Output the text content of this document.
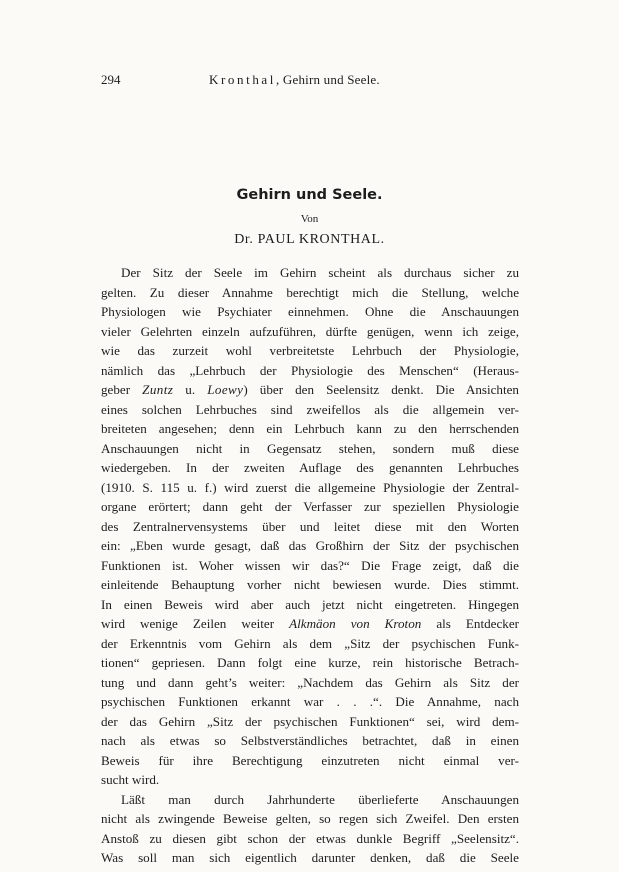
294	Kronthal, Gehirn und Seele.
Gehirn und Seele.
Von
Dr. PAUL KRONTHAL.
Der Sitz der Seele im Gehirn scheint als durchaus sicher zu
gelten. Zu dieser Annahme berechtigt mich die Stellung, welche
Physiologen wie Psychiater einnehmen. Ohne die Anschauungen
vieler Gelehrten einzeln aufzuführen, dürfte genügen, wenn ich zeige,
wie das zurzeit wohl verbreitetste Lehrbuch der Physiologie,
nämlich das „Lehrbuch der Physiologie des Menschen“ (Heraus-
geber Zuntz u. Loewy) über den Seelensitz denkt. Die Ansichten
eines solchen Lehrbuches sind zweifellos als die allgemein ver-
breiteten angesehen; denn ein Lehrbuch kann zu den herrschenden
Anschauungen nicht in Gegensatz stehen, sondern muß diese
wiedergeben. In der zweiten Auflage des genannten Lehrbuches
(1910. S. 115 u. f.) wird zuerst die allgemeine Physiologie der Zentral-
organe erörtert; dann geht der Verfasser zur speziellen Physiologie
des Zentralnervensystems über und leitet diese mit den Worten
ein: „Eben wurde gesagt, daß das Großhirn der Sitz der psychischen
Funktionen ist. Woher wissen wir das?“ Die Frage zeigt, daß die
einleitende Behauptung vorher nicht bewiesen wurde. Dies stimmt.
In einen Beweis wird aber auch jetzt nicht eingetreten. Hingegen
wird wenige Zeilen weiter Alkmäon von Kroton als Entdecker
der Erkenntnis vom Gehirn als dem „Sitz der psychischen Funk-
tionen“ gepriesen. Dann folgt eine kurze, rein historische Betrach-
tung und dann geht’s weiter: „Nachdem das Gehirn als Sitz der
psychischen Funktionen erkannt war . . .“. Die Annahme, nach
der das Gehirn „Sitz der psychischen Funktionen“ sei, wird dem-
nach als etwas so Selbstverständliches betrachtet, daß in einen
Beweis für ihre Berechtigung einzutreten nicht einmal ver-
sucht wird.
Läßt man durch Jahrhunderte überlieferte Anschauungen
nicht als zwingende Beweise gelten, so regen sich Zweifel. Den ersten
Anstoß zu diesen gibt schon der etwas dunkle Begriff „Seelensitz“.
Was soll man sich eigentlich darunter denken, daß die Seele
